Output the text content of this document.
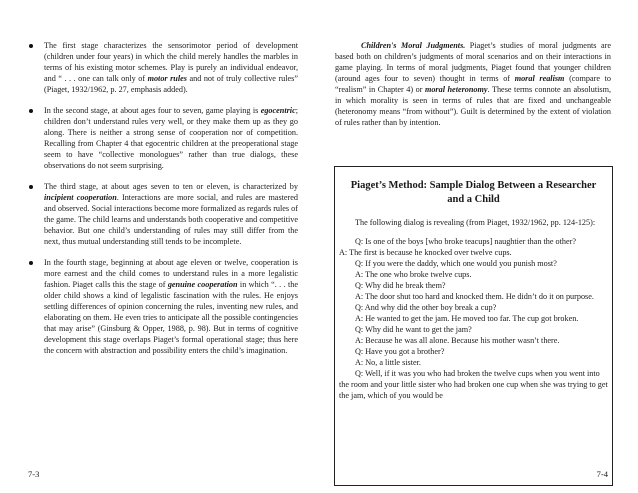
The first stage characterizes the sensorimotor period of development (children under four years) in which the child merely handles the marbles in terms of his existing motor schemes. Play is purely an individual endeavor, and “ . . . one can talk only of motor rules and not of truly collective rules” (Piaget, 1932/1962, p. 27, emphasis added).
In the second stage, at about ages four to seven, game playing is egocentric; children don’t understand rules very well, or they make them up as they go along. There is neither a strong sense of cooperation nor of competition. Recalling from Chapter 4 that egocentric children at the preoperational stage seem to have “collective monologues” rather than true dialogs, these observations do not seem surprising.
The third stage, at about ages seven to ten or eleven, is characterized by incipient cooperation. Interactions are more social, and rules are mastered and observed. Social interactions become more formalized as regards rules of the game. The child learns and understands both cooperative and competitive behavior. But one child’s understanding of rules may still differ from the next, thus mutual understanding still tends to be incomplete.
In the fourth stage, beginning at about age eleven or twelve, cooperation is more earnest and the child comes to understand rules in a more legalistic fashion. Piaget calls this the stage of genuine cooperation in which “. . . the older child shows a kind of legalistic fascination with the rules. He enjoys settling differences of opinion concerning the rules, inventing new rules, and elaborating on them. He even tries to anticipate all the possible contingencies that may arise” (Ginsburg & Opper, 1988, p. 98). But in terms of cognitive development this stage overlaps Piaget’s formal operational stage; thus here the concern with abstraction and possibility enters the child’s imagination.
7-3

Children's Moral Judgments. Piaget’s studies of moral judgments are based both on children’s judgments of moral scenarios and on their interactions in game playing. In terms of moral judgments, Piaget found that younger children (around ages four to seven) thought in terms of moral realism (compare to “realism” in Chapter 4) or moral heteronomy. These terms connote an absolutism, in which morality is seen in terms of rules that are fixed and unchangeable (heteronomy means “from without”). Guilt is determined by the extent of violation of rules rather than by intention.

Piaget’s Method: Sample Dialog Between a Researcher and a Child

The following dialog is revealing (from Piaget, 1932/1962, pp. 124-125):

Q: Is one of the boys [who broke teacups] naughtier than the other?

A: The first is because he knocked over twelve cups.

Q: If you were the daddy, which one would you punish most?

A: The one who broke twelve cups.

Q: Why did he break them?

A: The door shut too hard and knocked them. He didn’t do it on purpose.

Q: And why did the other boy break a cup?

A: He wanted to get the jam. He moved too far. The cup got broken.

Q: Why did he want to get the jam?

A: Because he was all alone. Because his mother wasn’t there.

Q: Have you got a brother?

A: No, a little sister.

Q: Well, if it was you who had broken the twelve cups when you went into the room and your little sister who had broken one cup when she was trying to get the jam, which of you would be

7-4
